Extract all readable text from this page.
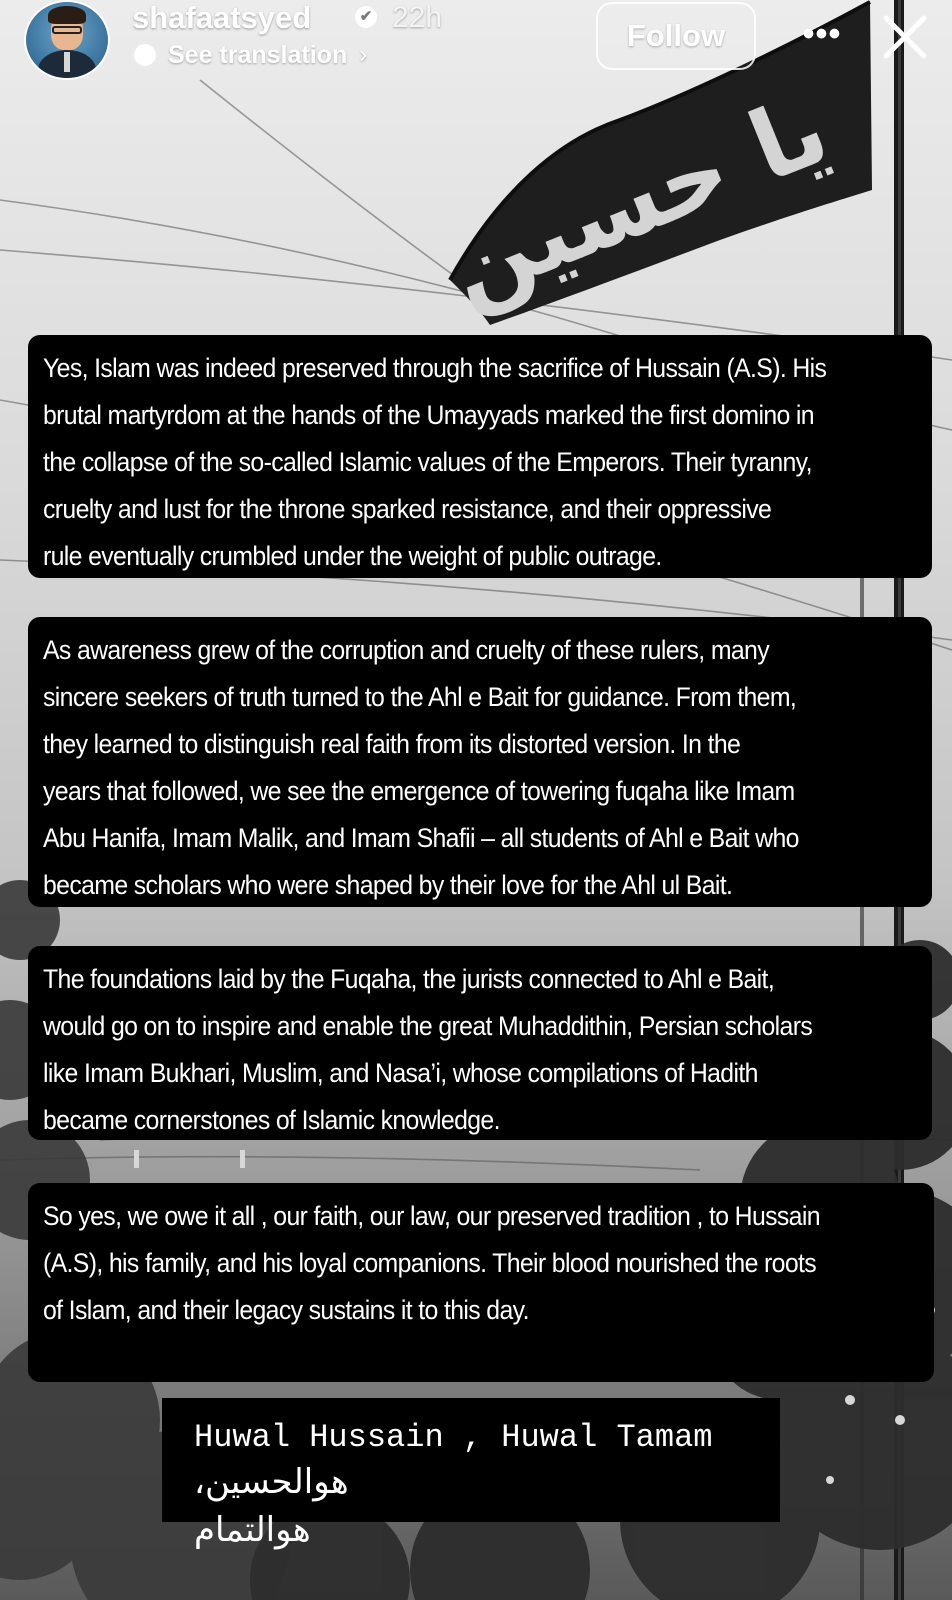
یا حسین
shafaatsyed	✔ 22h
See translation ›
Follow	•••

Yes, Islam was indeed preserved through the sacrifice of Hussain (A.S). His

brutal martyrdom at the hands of the Umayyads marked the first domino in

the collapse of the so-called Islamic values of the Emperors. Their tyranny,

cruelty and lust for the throne sparked resistance, and their oppressive

rule eventually crumbled under the weight of public outrage.

As awareness grew of the corruption and cruelty of these rulers, many

sincere seekers of truth turned to the Ahl e Bait for guidance. From them,

they learned to distinguish real faith from its distorted version. In the

years that followed, we see the emergence of towering fuqaha like Imam

Abu Hanifa, Imam Malik, and Imam Shafii – all students of Ahl e Bait who

became scholars who were shaped by their love for the Ahl ul Bait.

The foundations laid by the Fuqaha, the jurists connected to Ahl e Bait,

would go on to inspire and enable the great Muhaddithin, Persian scholars

like Imam Bukhari, Muslim, and Nasa’i, whose compilations of Hadith

became cornerstones of Islamic knowledge.

So yes, we owe it all , our faith, our law, our preserved tradition , to Hussain

(A.S), his family, and his loyal companions. Their blood nourished the roots

of Islam, and their legacy sustains it to this day.

Huwal Hussain , Huwal Tamam
هوالحسين، هوالتمام
